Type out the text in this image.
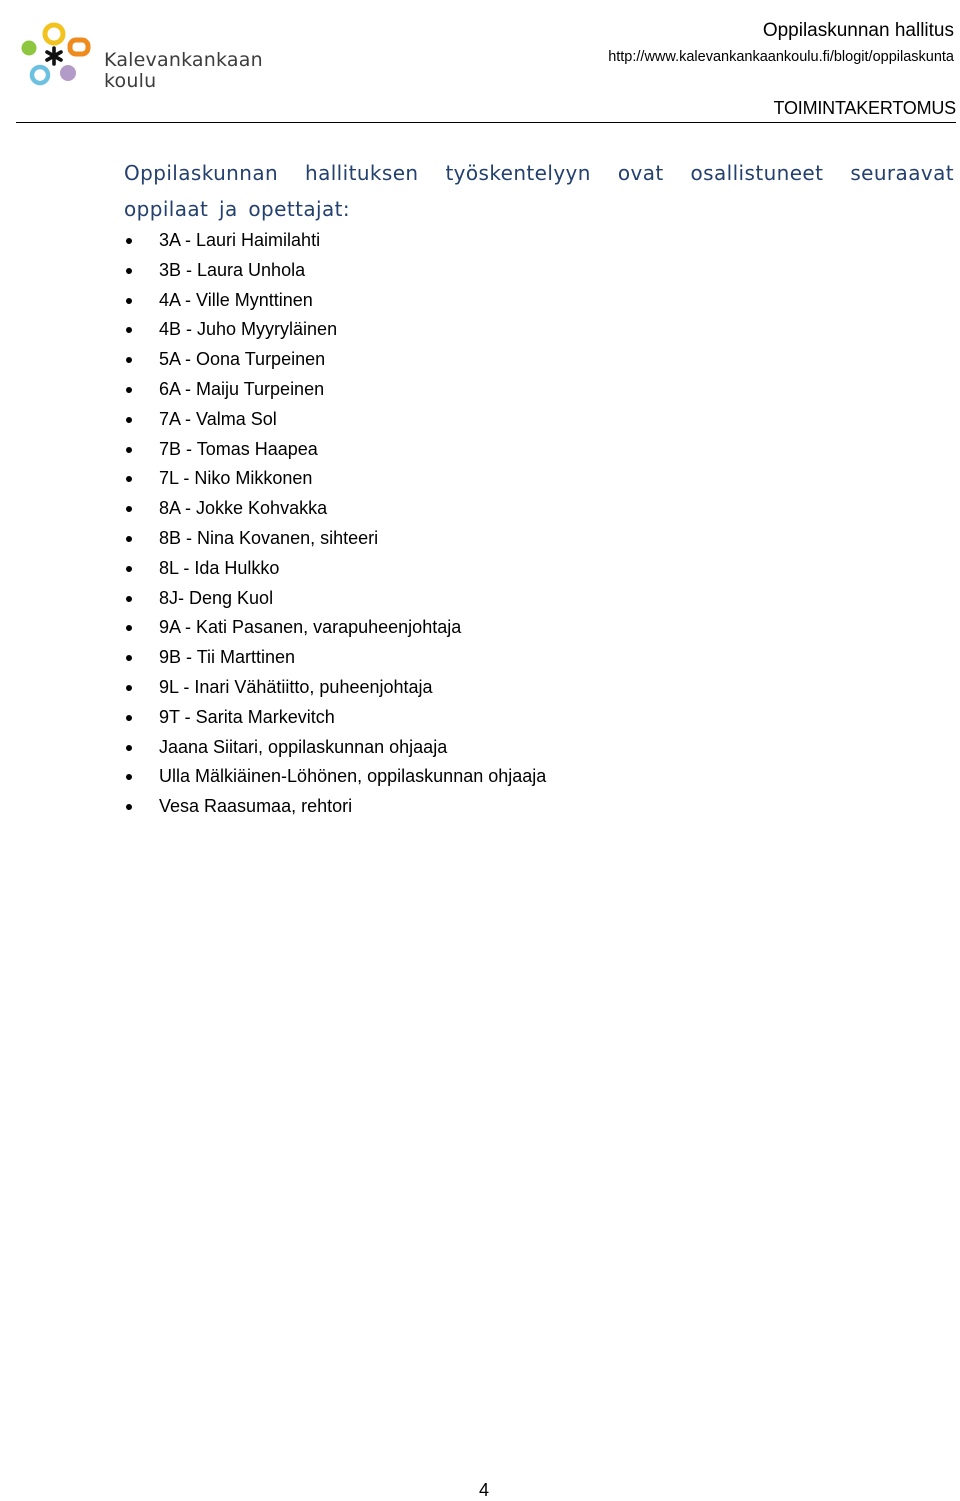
Kalevankankaan
koulu
Oppilaskunnan hallitus
http://www.kalevankankaankoulu.fi/blogit/oppilaskunta
TOIMINTAKERTOMUS
Oppilaskunnan hallituksen työskentelyyn ovat osallistuneet seuraavat oppilaat ja opettajat:
3A - Lauri Haimilahti
3B - Laura Unhola
4A - Ville Mynttinen
4B - Juho Myyryläinen
5A - Oona Turpeinen
6A - Maiju Turpeinen
7A - Valma Sol
7B - Tomas Haapea
7L - Niko Mikkonen
8A - Jokke Kohvakka
8B - Nina Kovanen, sihteeri
8L - Ida Hulkko
8J- Deng Kuol
9A - Kati Pasanen, varapuheenjohtaja
9B - Tii Marttinen
9L - Inari Vähätiitto, puheenjohtaja
9T - Sarita Markevitch
Jaana Siitari, oppilaskunnan ohjaaja
Ulla Mälkiäinen-Löhönen, oppilaskunnan ohjaaja
Vesa Raasumaa, rehtori
4
